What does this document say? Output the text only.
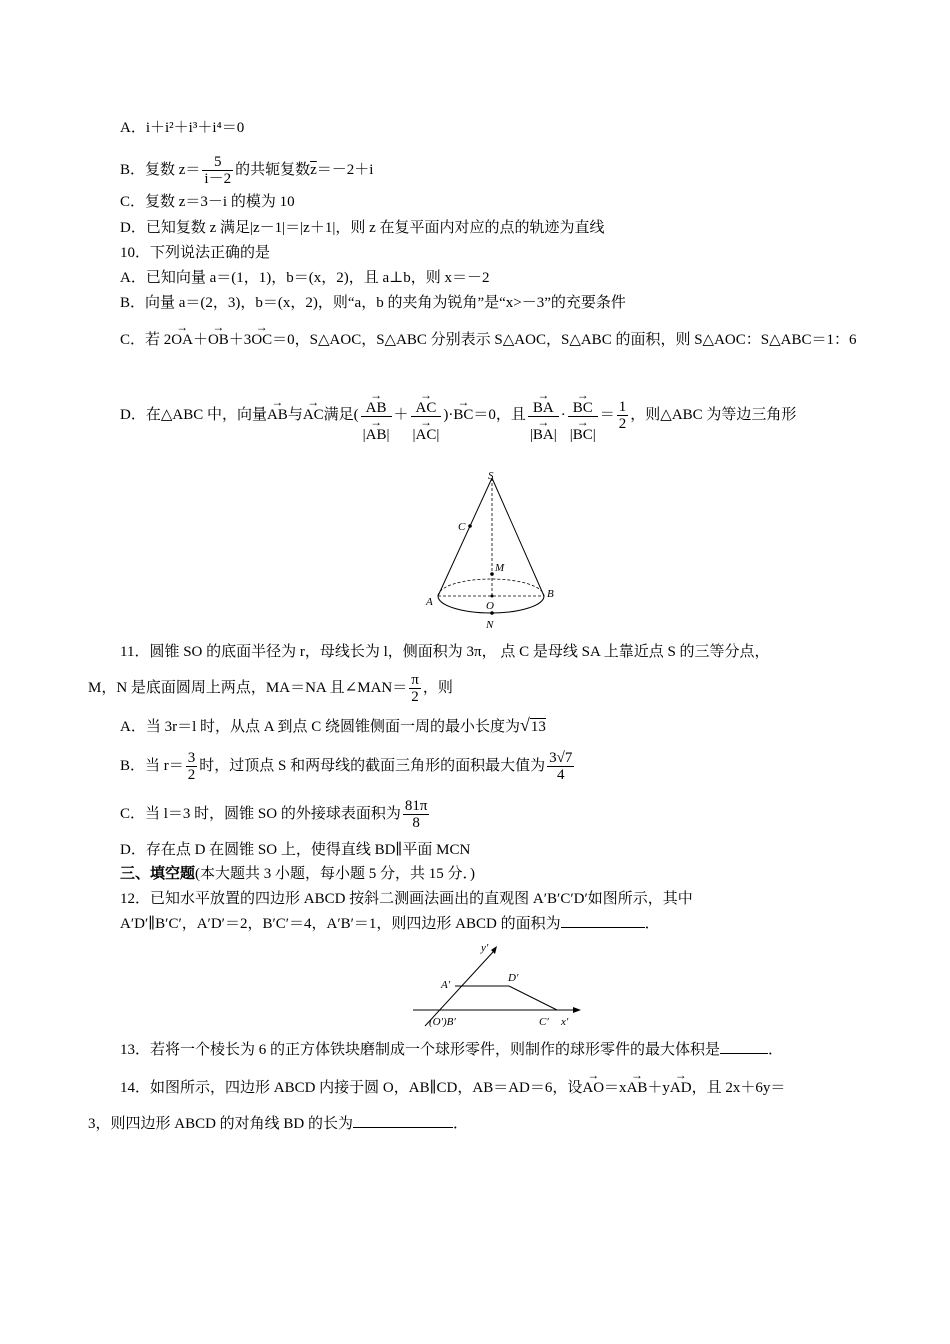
A．i＋i²＋i³＋i⁴＝0
B．复数 $z= \frac{5}{i-2}$ 的共轭复数$\overline{z}=-2+i$
C．复数 z＝3－i 的模为 10
D．已知复数 z 满足|z－1|＝|z＋1|，则 z 在复平面内对应的点的轨迹为直线
10．下列说法正确的是
A．已知向量 a＝(1，1)，b＝(x，2)，且 a⊥b，则 x＝－2
B．向量 a＝(2，3)，b＝(x，2)，则“a，b 的夹角为锐角”是“x>－3”的充要条件
C．若 2→ OA＋→ OB＋3→ OC＝0，S△AOC，S△ABC 分别表示 S△AOC，S△ABC 的面积，则 S△AOC：S△ABC＝1：6
D．在△ABC 中，向量→ AB与→ AC满足( → AB
→ |AB| ＋ → AC
→ |AC| )·→ BC＝0，且 → BA
→ |BA| · → BC
→ $|BC| = \frac{1}{2}$ ，则△ABC 为等边三角形
S
C
M
A	O
B
N
11．圆锥 SO 的底面半径为 r，母线长为 l，侧面积为 3π， 点 C 是母线 SA 上靠近点 S 的三等分点，
M，N 是底面圆周上两点，MA＝NA 且∠MAN＝ $\frac{\pi}{2}$ ，则
A．当 3r＝l 时，从点 A 到点 C 绕圆锥侧面一周的最小长度为√13
B．当 $r= \frac{3}{2}$ 时，过顶点 S 和两母线的截面三角形的面积最大值为 $\frac{3√7}{4}$
C．当 l＝3 时，圆锥 SO 的外接球表面积为 $\frac{81\pi}{8}$
D．存在点 D 在圆锥 SO 上，使得直线 BD∥平面 MCN
三、填空题(本大题共 3 小题，每小题 5 分，共 15 分．)
12．已知水平放置的四边形 ABCD 按斜二测画法画出的直观图 A′B′C′D′如图所示，其中
A′D′∥B′C′，A′D′＝2，B′C′＝4，A′B′＝1，则四边形 ABCD 的面积为	．
y′
A′
D′
(O′)B′	C′ x′
13．若将一个棱长为 6 的正方体铁块磨制成一个球形零件，则制作的球形零件的最大体积是	．
14．如图所示，四边形 ABCD 内接于圆 O，AB∥CD，AB＝AD＝6，设→ AO＝x→ AB＋y→ AD，且 2x＋6y＝
3，则四边形 ABCD 的对角线 BD 的长为	．
